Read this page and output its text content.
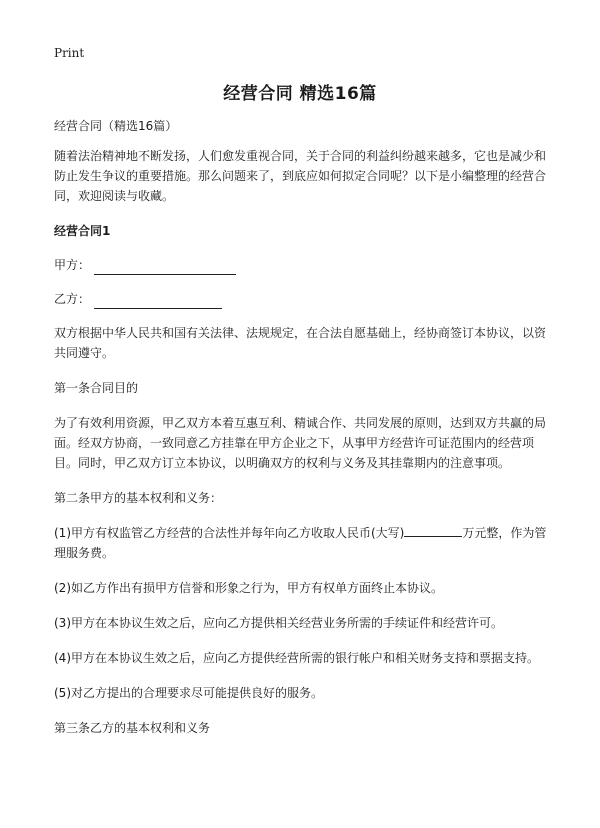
Print
经营合同 精选16篇

经营合同（精选16篇）

随着法治精神地不断发扬，人们愈发重视合同，关于合同的利益纠纷越来越多，它也是减少和防止发生争议的重要措施。那么问题来了，到底应如何拟定合同呢？以下是小编整理的经营合同，欢迎阅读与收藏。

经营合同1

甲方：
乙方：

双方根据中华人民共和国有关法律、法规规定，在合法自愿基础上，经协商签订本协议，以资共同遵守。

第一条合同目的

为了有效利用资源，甲乙双方本着互惠互利、精诚合作、共同发展的原则，达到双方共赢的局面。经双方协商，一致同意乙方挂靠在甲方企业之下，从事甲方经营许可证范围内的经营项目。同时，甲乙双方订立本协议，以明确双方的权利与义务及其挂靠期内的注意事项。

第二条甲方的基本权利和义务：

(1)甲方有权监管乙方经营的合法性并每年向乙方收取人民币(大写)	万元整，作为管理服务费。

(2)如乙方作出有损甲方信誉和形象之行为，甲方有权单方面终止本协议。

(3)甲方在本协议生效之后，应向乙方提供相关经营业务所需的手续证件和经营许可。

(4)甲方在本协议生效之后，应向乙方提供经营所需的银行帐户和相关财务支持和票据支持。

(5)对乙方提出的合理要求尽可能提供良好的服务。

第三条乙方的基本权利和义务
